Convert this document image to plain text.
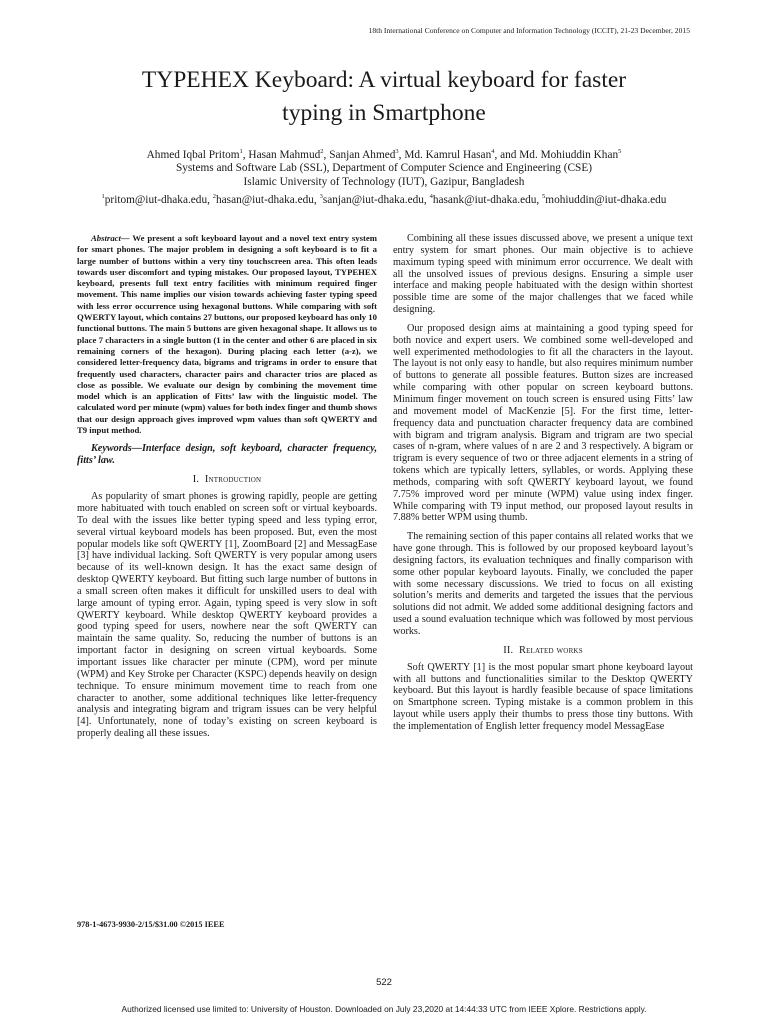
18th International Conference on Computer and Information Technology (ICCIT), 21-23 December, 2015
TYPEHEX Keyboard: A virtual keyboard for faster
typing in Smartphone
Ahmed Iqbal Pritom$^1$, Hasan Mahmud$^2$, Sanjan Ahmed$^3$, Md. Kamrul Hasan$^4$, and Md. Mohiuddin Khan$^5$
Systems and Software Lab (SSL), Department of Computer Science and Engineering (CSE)
Islamic University of Technology (IUT), Gazipur, Bangladesh
$^1$pritom@iut-dhaka.edu, $^2$hasan@iut-dhaka.edu, $^3$sanjan@iut-dhaka.edu, $^4$hasank@iut-dhaka.edu, $^5$mohiuddin@iut-dhaka.edu

Abstract— We present a soft keyboard layout and a novel text entry system for smart phones. The major problem in designing a soft keyboard is to fit a large number of buttons within a very tiny touchscreen area. This often leads towards user discomfort and typing mistakes. Our proposed layout, TYPEHEX keyboard, presents full text entry facilities with minimum required finger movement. This name implies our vision towards achieving faster typing speed with less error occurrence using hexagonal buttons. While comparing with soft QWERTY layout, which contains 27 buttons, our proposed keyboard has only 10 functional buttons. The main 5 buttons are given hexagonal shape. It allows us to place 7 characters in a single button (1 in the center and other 6 are placed in six remaining corners of the hexagon). During placing each letter (a-z), we considered letter-frequency data, bigrams and trigrams in order to ensure that frequently used characters, character pairs and character trios are placed as close as possible. We evaluate our design by combining the movement time model which is an application of Fitts’ law with the linguistic model. The calculated word per minute (wpm) values for both index finger and thumb shows that our design approach gives improved wpm values than soft QWERTY and T9 input method.

Keywords—Interface design, soft keyboard, character frequency, fitts’ law.

I. Introduction

As popularity of smart phones is growing rapidly, people are getting more habituated with touch enabled on screen soft or virtual keyboards. To deal with the issues like better typing speed and less typing error, several virtual keyboard models has been proposed. But, even the most popular models like soft QWERTY [1], ZoomBoard [2] and MessagEase [3] have individual lacking. Soft QWERTY is very popular among users because of its well-known design. It has the exact same design of desktop QWERTY keyboard. But fitting such large number of buttons in a small screen often makes it difficult for unskilled users to deal with large amount of typing error. Again, typing speed is very slow in soft QWERTY keyboard. While desktop QWERTY keyboard provides a good typing speed for users, nowhere near the soft QWERTY can maintain the same quality. So, reducing the number of buttons is an important factor in designing on screen virtual keyboards. Some important issues like character per minute (CPM), word per minute (WPM) and Key Stroke per Character (KSPC) depends heavily on design technique. To ensure minimum movement time to reach from one character to another, some additional techniques like letter-frequency analysis and integrating bigram and trigram issues can be very helpful [4]. Unfortunately, none of today’s existing on screen keyboard is properly dealing all these issues.

Combining all these issues discussed above, we present a unique text entry system for smart phones. Our main objective is to achieve maximum typing speed with minimum error occurrence. We dealt with all the unsolved issues of previous designs. Ensuring a simple user interface and making people habituated with the design within shortest possible time are some of the major challenges that we faced while designing.

Our proposed design aims at maintaining a good typing speed for both novice and expert users. We combined some well-developed and well experimented methodologies to fit all the characters in the layout. The layout is not only easy to handle, but also requires minimum number of buttons to generate all possible features. Button sizes are increased while comparing with other popular on screen keyboard buttons. Minimum finger movement on touch screen is ensured using Fitts’ law and movement model of MacKenzie [5]. For the first time, letter-frequency data and punctuation character frequency data are combined with bigram and trigram analysis. Bigram and trigram are two special cases of n-gram, where values of n are 2 and 3 respectively. A bigram or trigram is every sequence of two or three adjacent elements in a string of tokens which are typically letters, syllables, or words. Applying these methods, comparing with soft QWERTY keyboard layout, we found 7.75% improved word per minute (WPM) value using index finger. While comparing with T9 input method, our proposed layout results in 7.88% better WPM using thumb.

The remaining section of this paper contains all related works that we have gone through. This is followed by our proposed keyboard layout’s designing factors, its evaluation techniques and finally comparison with some other popular keyboard layouts. Finally, we concluded the paper with some necessary discussions. We tried to focus on all existing solution’s merits and demerits and targeted the issues that the pervious solutions did not admit. We added some additional designing factors and used a sound evaluation technique which was followed by most pervious works.

II. Related works

Soft QWERTY [1] is the most popular smart phone keyboard layout with all buttons and functionalities similar to the Desktop QWERTY keyboard. But this layout is hardly feasible because of space limitations on Smartphone screen. Typing mistake is a common problem in this layout while users apply their thumbs to press those tiny buttons. With the implementation of English letter frequency model MessagEase

978-1-4673-9930-2/15/$31.00 ©2015 IEEE
522
Authorized licensed use limited to: University of Houston. Downloaded on July 23,2020 at 14:44:33 UTC from IEEE Xplore. Restrictions apply.
